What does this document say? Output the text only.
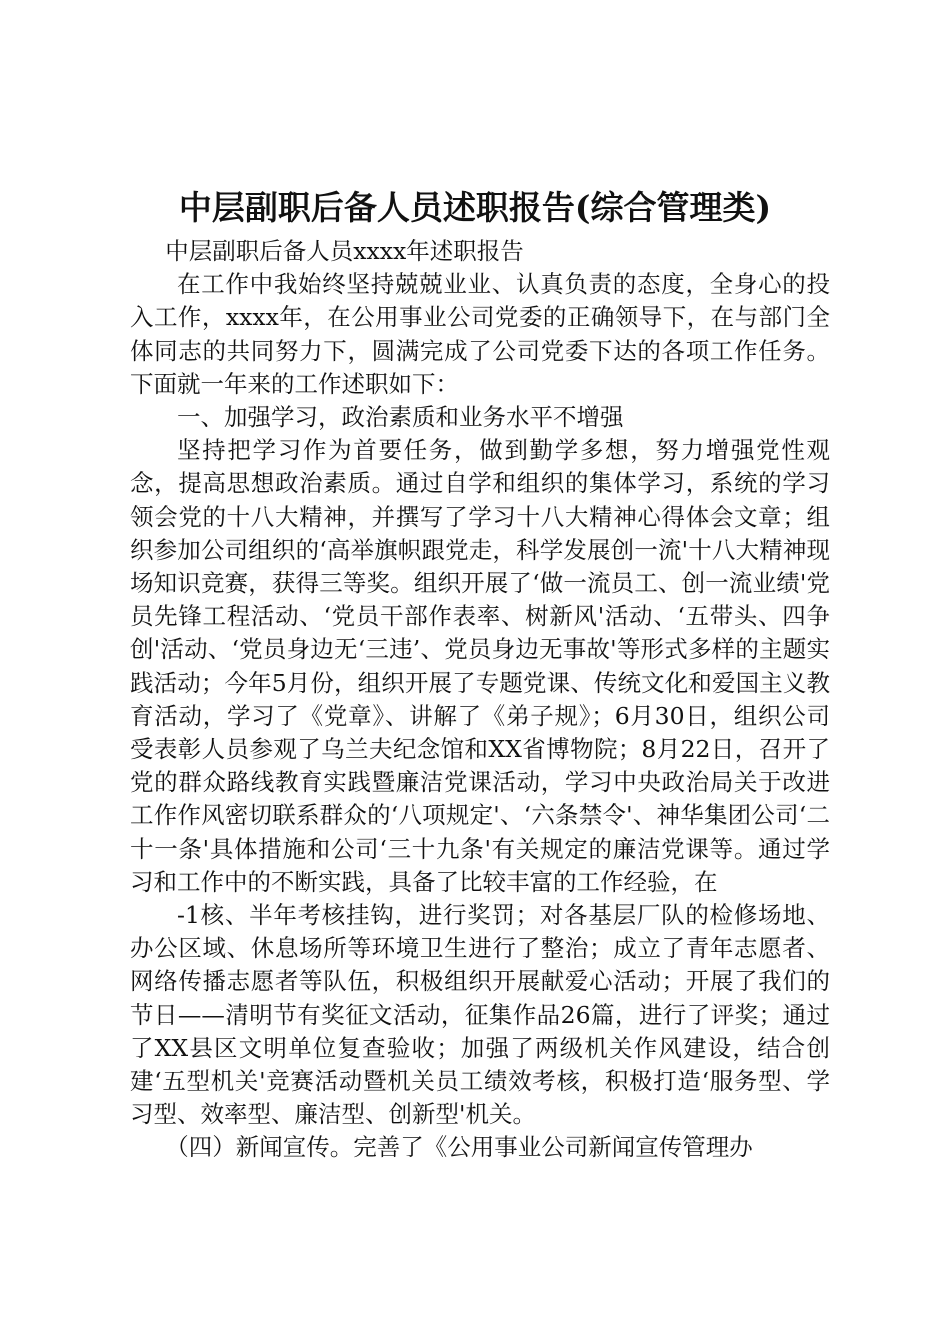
中层副职后备人员述职报告(综合管理类)

中层副职后备人员xxxx年述职报告

在工作中我始终坚持兢兢业业、认真负责的态度，全身心的投入工作，xxxx年，在公用事业公司党委的正确领导下，在与部门全体同志的共同努力下，圆满完成了公司党委下达的各项工作任务。下面就一年来的工作述职如下：

一、加强学习，政治素质和业务水平不增强

坚持把学习作为首要任务，做到勤学多想，努力增强党性观念，提高思想政治素质。通过自学和组织的集体学习，系统的学习领会党的十八大精神，并撰写了学习十八大精神心得体会文章；组织参加公司组织的‘高举旗帜跟党走，科学发展创一流'十八大精神现场知识竞赛，获得三等奖。组织开展了‘做一流员工、创一流业绩'党员先锋工程活动、‘党员干部作表率、树新风'活动、‘五带头、四争创'活动、‘党员身边无‘三违’、党员身边无事故'等形式多样的主题实践活动；今年5月份，组织开展了专题党课、传统文化和爱国主义教育活动，学习了《党章》、讲解了《弟子规》；6月30日，组织公司受表彰人员参观了乌兰夫纪念馆和XX省博物院；8月22日，召开了党的群众路线教育实践暨廉洁党课活动，学习中央政治局关于改进工作作风密切联系群众的‘八项规定'、‘六条禁令'、神华集团公司‘二十一条'具体措施和公司‘三十九条'有关规定的廉洁党课等。通过学习和工作中的不断实践，具备了比较丰富的工作经验，在

-1核、半年考核挂钩，进行奖罚；对各基层厂队的检修场地、办公区域、休息场所等环境卫生进行了整治；成立了青年志愿者、网络传播志愿者等队伍，积极组织开展献爱心活动；开展了我们的节日——清明节有奖征文活动，征集作品26篇，进行了评奖；通过了XX县区文明单位复查验收；加强了两级机关作风建设，结合创建‘五型机关'竞赛活动暨机关员工绩效考核，积极打造‘服务型、学习型、效率型、廉洁型、创新型'机关。

（四）新闻宣传。完善了《公用事业公司新闻宣传管理办
